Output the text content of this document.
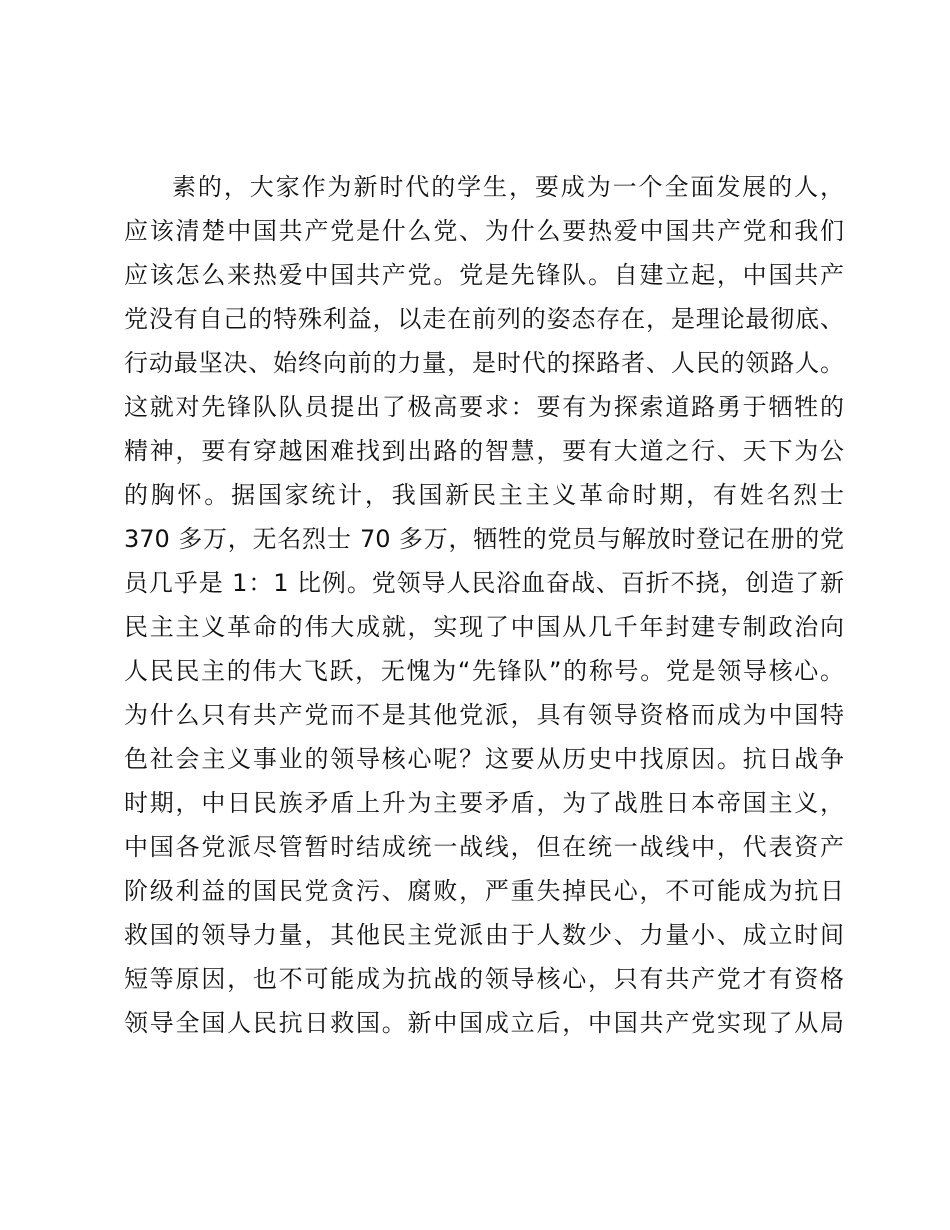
素的，大家作为新时代的学生，要成为一个全面发展的人，
应该清楚中国共产党是什么党、为什么要热爱中国共产党和我们
应该怎么来热爱中国共产党。党是先锋队。自建立起，中国共产
党没有自己的特殊利益，以走在前列的姿态存在，是理论最彻底、
行动最坚决、始终向前的力量，是时代的探路者、人民的领路人。
这就对先锋队队员提出了极高要求：要有为探索道路勇于牺牲的
精神，要有穿越困难找到出路的智慧，要有大道之行、天下为公
的胸怀。据国家统计，我国新民主主义革命时期，有姓名烈士
370 多万，无名烈士 70 多万，牺牲的党员与解放时登记在册的党
员几乎是 1：1 比例。党领导人民浴血奋战、百折不挠，创造了新
民主主义革命的伟大成就，实现了中国从几千年封建专制政治向
人民民主的伟大飞跃，无愧为“先锋队”的称号。党是领导核心。
为什么只有共产党而不是其他党派，具有领导资格而成为中国特
色社会主义事业的领导核心呢？这要从历史中找原因。抗日战争
时期，中日民族矛盾上升为主要矛盾，为了战胜日本帝国主义，
中国各党派尽管暂时结成统一战线，但在统一战线中，代表资产
阶级利益的国民党贪污、腐败，严重失掉民心，不可能成为抗日
救国的领导力量，其他民主党派由于人数少、力量小、成立时间
短等原因，也不可能成为抗战的领导核心，只有共产党才有资格
领导全国人民抗日救国。新中国成立后，中国共产党实现了从局
